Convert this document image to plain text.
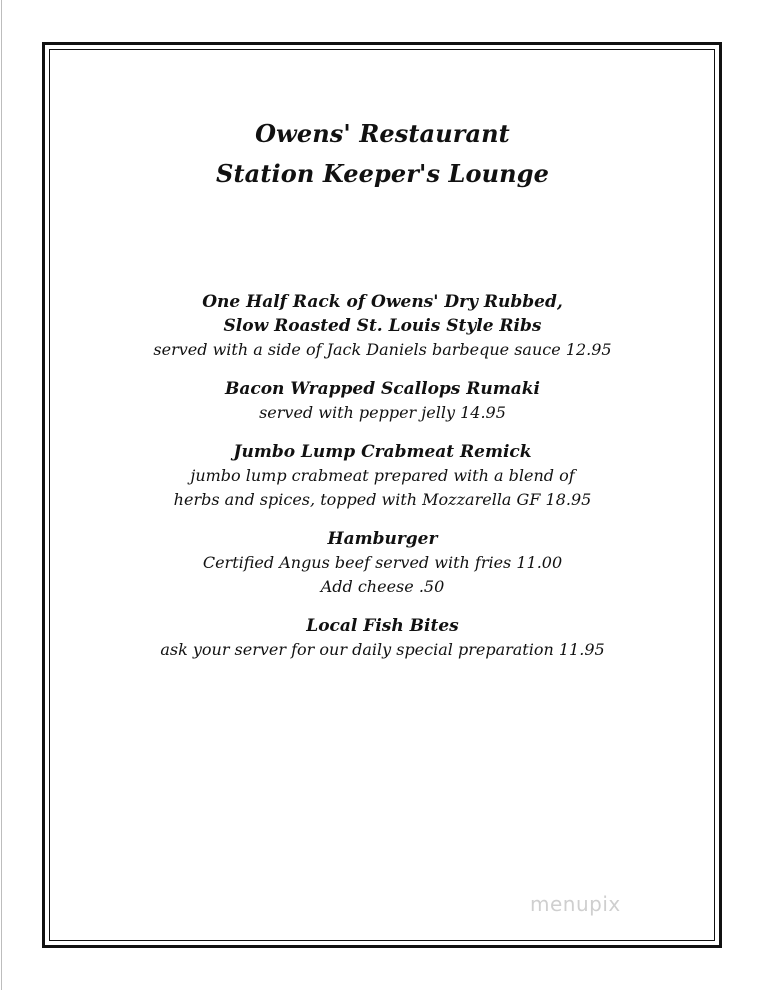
Owens' Restaurant
Station Keeper's Lounge
One Half Rack of Owens' Dry Rubbed,
Slow Roasted St. Louis Style Ribs
served with a side of Jack Daniels barbeque sauce 12.95
Bacon Wrapped Scallops Rumaki
served with pepper jelly 14.95
Jumbo Lump Crabmeat Remick
jumbo lump crabmeat prepared with a blend of
herbs and spices, topped with Mozzarella GF 18.95
Hamburger
Certified Angus beef served with fries 11.00
Add cheese .50
Local Fish Bites
ask your server for our daily special preparation 11.95
menupix
